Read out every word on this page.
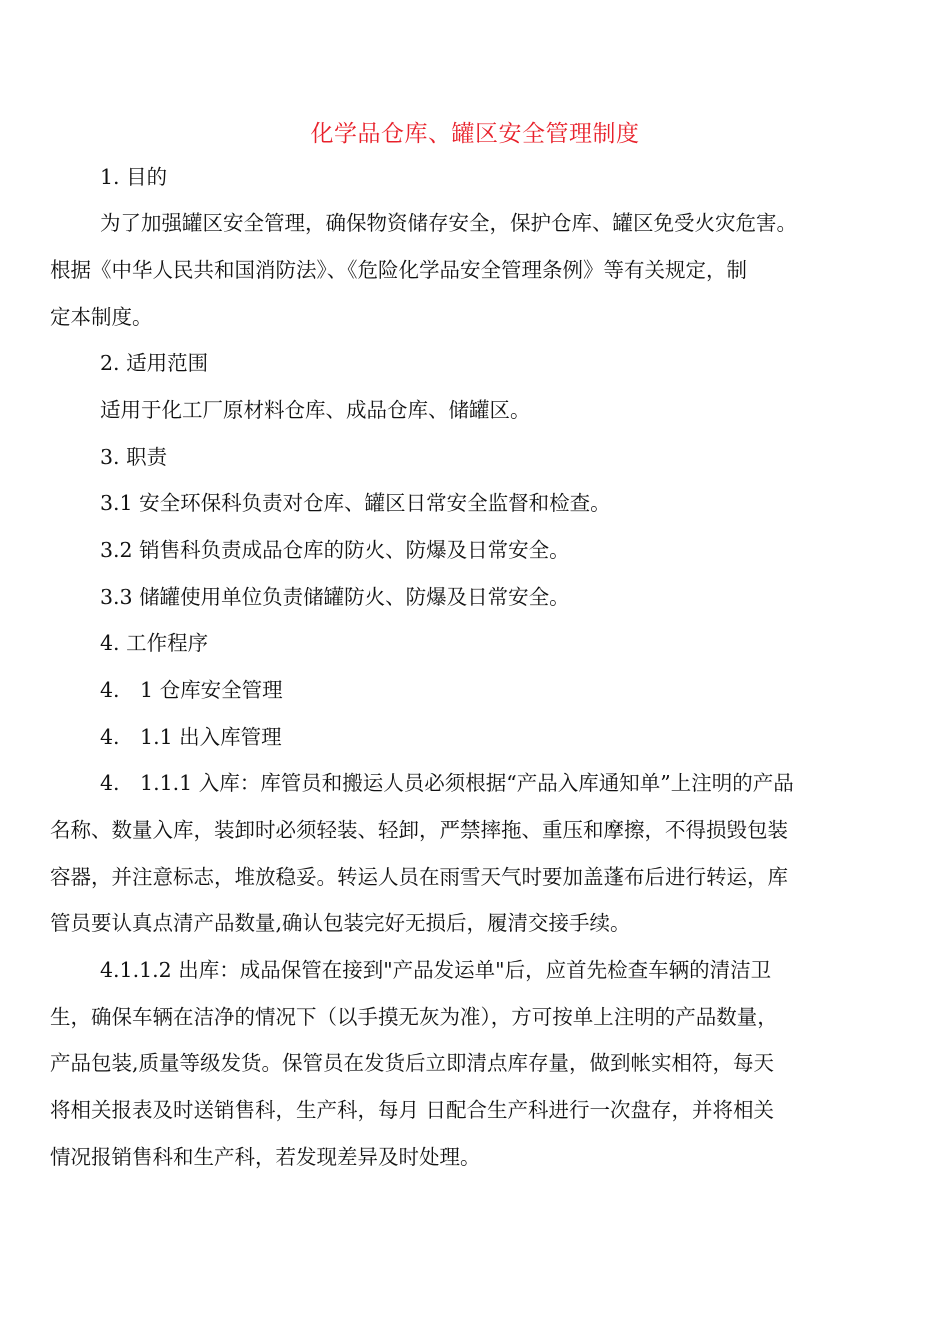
化学品仓库、罐区安全管理制度
1. 目的
为了加强罐区安全管理，确保物资储存安全，保护仓库、罐区免受火灾危害。
根据《中华人民共和国消防法》、《危险化学品安全管理条例》等有关规定，制
定本制度。
2. 适用范围
适用于化工厂原材料仓库、成品仓库、储罐区。
3. 职责
3.1 安全环保科负责对仓库、罐区日常安全监督和检查。
3.2 销售科负责成品仓库的防火、防爆及日常安全。
3.3 储罐使用单位负责储罐防火、防爆及日常安全。
4. 工作程序
4.　1 仓库安全管理
4.　1.1 出入库管理
4.　1.1.1 入库：库管员和搬运人员必须根据“产品入库通知单”上注明的产品
名称、数量入库，装卸时必须轻装、轻卸，严禁摔拖、重压和摩擦，不得损毁包装
容器，并注意标志，堆放稳妥。转运人员在雨雪天气时要加盖蓬布后进行转运，库
管员要认真点清产品数量,确认包装完好无损后，履清交接手续。
4.1.1.2 出库：成品保管在接到"产品发运单"后，应首先检查车辆的清洁卫
生，确保车辆在洁净的情况下（以手摸无灰为准），方可按单上注明的产品数量，
产品包装,质量等级发货。保管员在发货后立即清点库存量，做到帐实相符，每天
将相关报表及时送销售科，生产科，每月 日配合生产科进行一次盘存，并将相关
情况报销售科和生产科，若发现差异及时处理。
